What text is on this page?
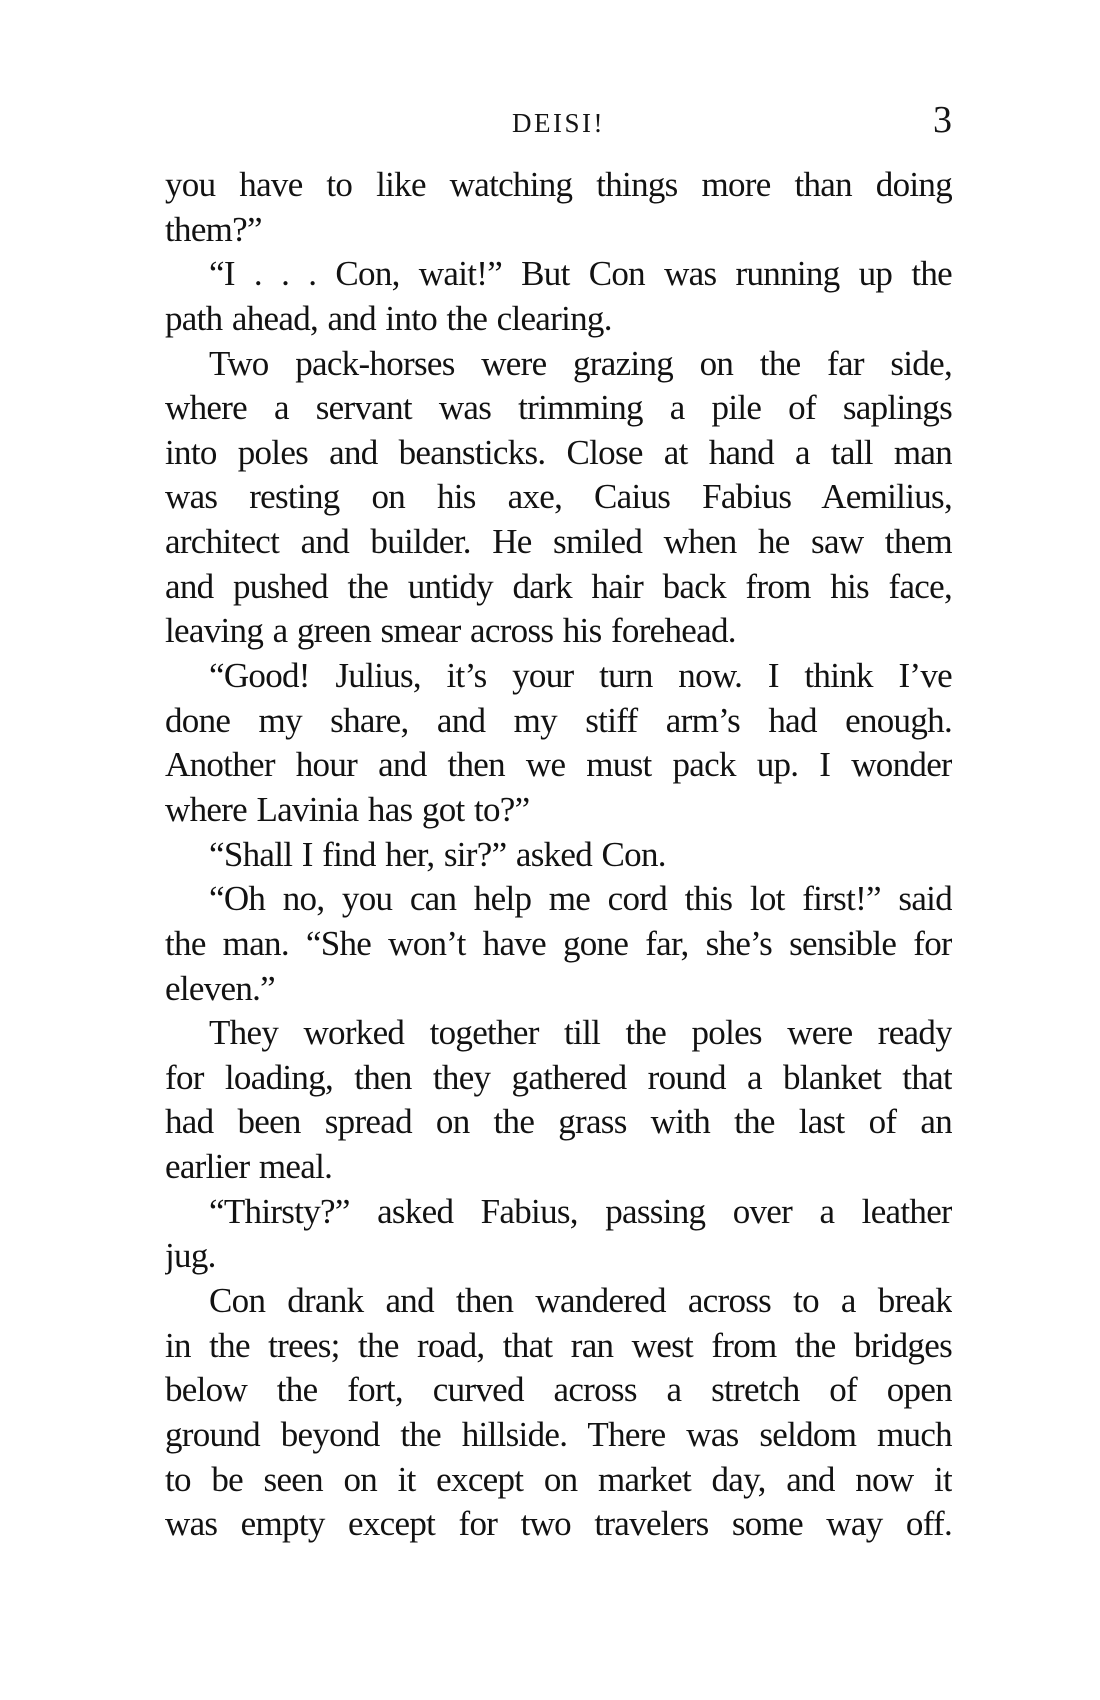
DEISI!	3
you have to like watching things more than doing
them?”
“I . . . Con, wait!” But Con was running up the
path ahead, and into the clearing.
Two pack-horses were grazing on the far side,
where a servant was trimming a pile of saplings
into poles and beansticks. Close at hand a tall man
was resting on his axe, Caius Fabius Aemilius,
architect and builder. He smiled when he saw them
and pushed the untidy dark hair back from his face,
leaving a green smear across his forehead.
“Good! Julius, it’s your turn now. I think I’ve
done my share, and my stiff arm’s had enough.
Another hour and then we must pack up. I wonder
where Lavinia has got to?”
“Shall I find her, sir?” asked Con.
“Oh no, you can help me cord this lot first!” said
the man. “She won’t have gone far, she’s sensible for
eleven.”
They worked together till the poles were ready
for loading, then they gathered round a blanket that
had been spread on the grass with the last of an
earlier meal.
“Thirsty?” asked Fabius, passing over a leather
jug.
Con drank and then wandered across to a break
in the trees; the road, that ran west from the bridges
below the fort, curved across a stretch of open
ground beyond the hillside. There was seldom much
to be seen on it except on market day, and now it
was empty except for two travelers some way off.
